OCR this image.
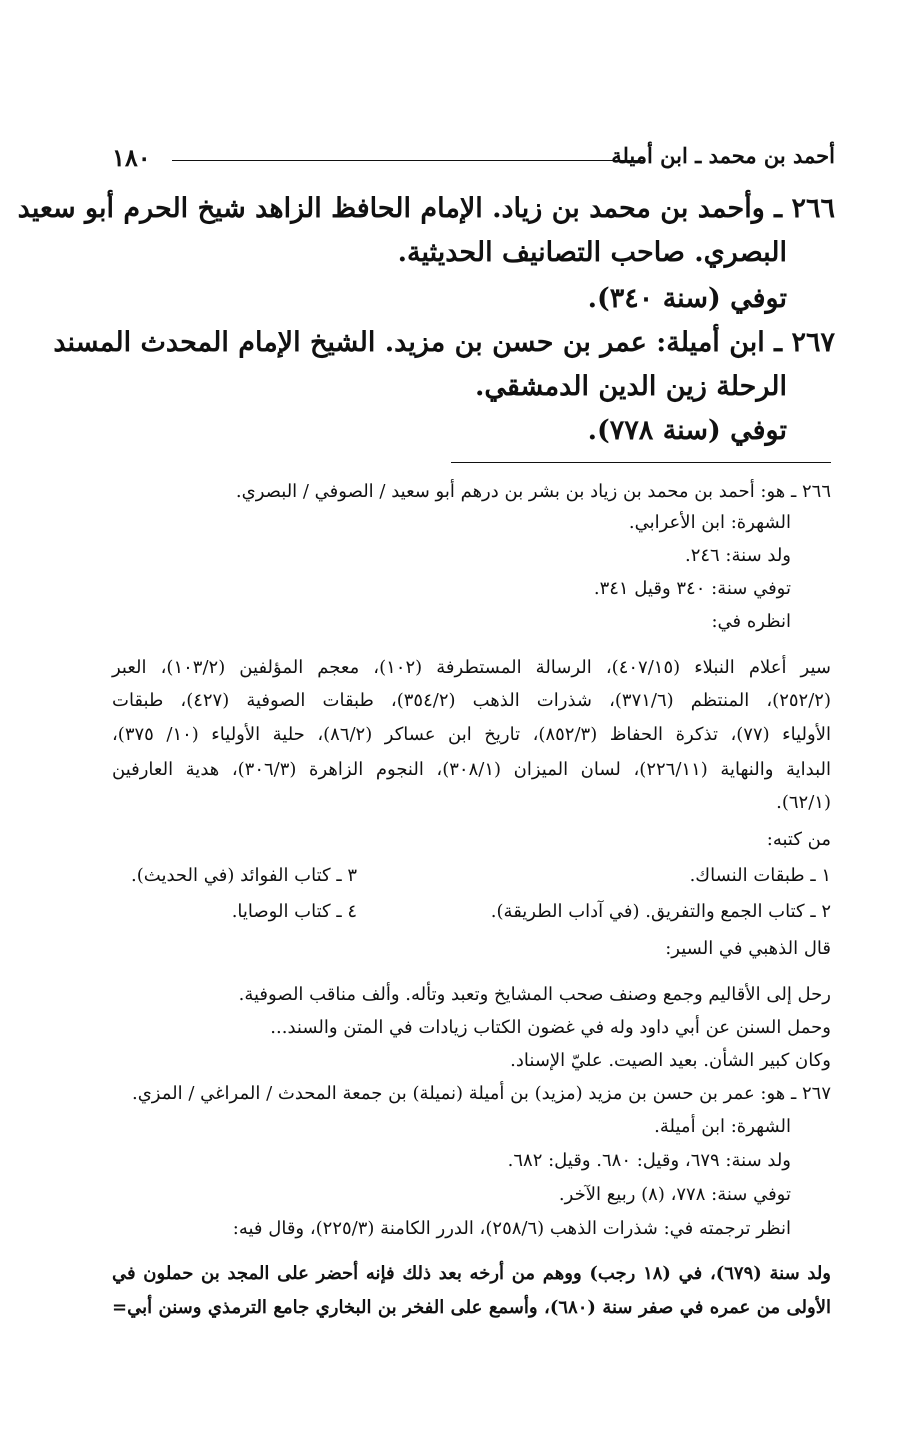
أحمد بن محمد ـ ابن أميلة
١٨٠
٢٦٦ ـ وأحمد بن محمد بن زياد. الإمام الحافظ الزاهد شيخ الحرم أبو سعيد
البصري. صاحب التصانيف الحديثية.
توفي (سنة ٣٤٠).
٢٦٧ ـ ابن أميلة: عمر بن حسن بن مزيد. الشيخ الإمام المحدث المسند
الرحلة زين الدين الدمشقي.
توفي (سنة ٧٧٨).
٢٦٦ ـ هو: أحمد بن محمد بن زياد بن بشر بن درهم أبو سعيد / الصوفي / البصري.
الشهرة: ابن الأعرابي.
ولد سنة: ٢٤٦.
توفي سنة: ٣٤٠ وقيل ٣٤١.
انظره في:
سير أعلام النبلاء (٤٠٧/١٥)، الرسالة المستطرفة (١٠٢)، معجم المؤلفين (١٠٣/٢)، العبر
(٢٥٢/٢)، المنتظم (٣٧١/٦)، شذرات الذهب (٣٥٤/٢)، طبقات الصوفية (٤٢٧)، طبقات
الأولياء (٧٧)، تذكرة الحفاظ (٨٥٢/٣)، تاريخ ابن عساكر (٨٦/٢)، حلية الأولياء (١٠/ ٣٧٥)،
البداية والنهاية (٢٢٦/١١)، لسان الميزان (٣٠٨/١)، النجوم الزاهرة (٣٠٦/٣)، هدية العارفين
(٦٢/١).
من كتبه:
١ ـ طبقات النساك.
٣ ـ كتاب الفوائد (في الحديث).
٢ ـ كتاب الجمع والتفريق. (في آداب الطريقة).
٤ ـ كتاب الوصايا.
قال الذهبي في السير:
رحل إلى الأقاليم وجمع وصنف صحب المشايخ وتعبد وتأله. وألف مناقب الصوفية.
وحمل السنن عن أبي داود وله في غضون الكتاب زيادات في المتن والسند...
وكان كبير الشأن. بعيد الصيت. عليّ الإسناد.
٢٦٧ ـ هو: عمر بن حسن بن مزيد (مزيد) بن أميلة (نميلة) بن جمعة المحدث / المراغي / المزي.
الشهرة: ابن أميلة.
ولد سنة: ٦٧٩، وقيل: ٦٨٠. وقيل: ٦٨٢.
توفي سنة: ٧٧٨، (٨) ربيع الآخر.
انظر ترجمته في: شذرات الذهب (٢٥٨/٦)، الدرر الكامنة (٢٢٥/٣)، وقال فيه:
ولد سنة (٦٧٩)، في (١٨ رجب) ووهم من أرخه بعد ذلك فإنه أحضر على المجد بن حملون في
الأولى من عمره في صفر سنة (٦٨٠)، وأسمع على الفخر بن البخاري جامع الترمذي وسنن أبي=
